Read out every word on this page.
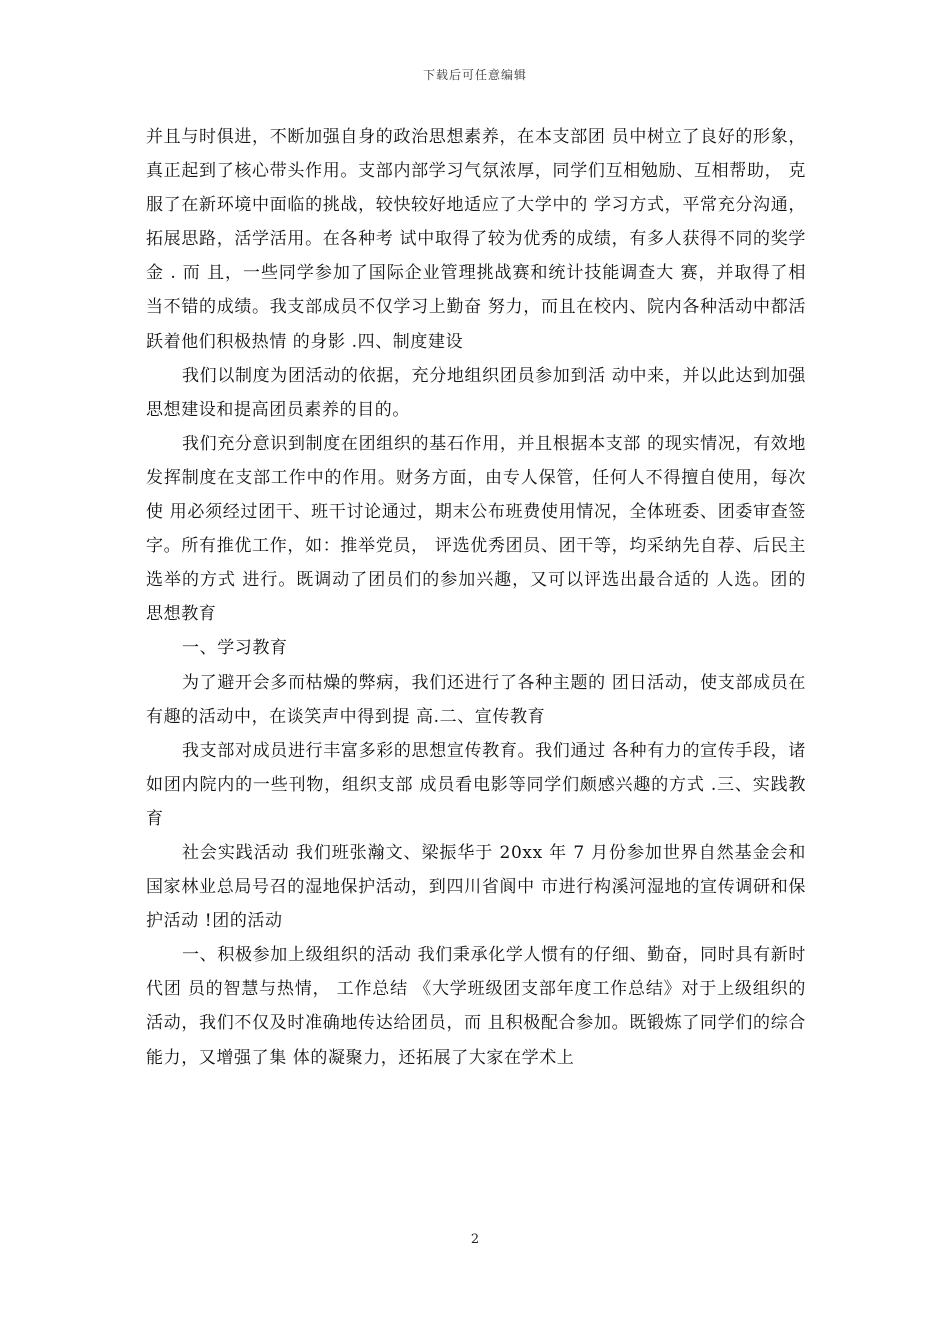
下载后可任意编辑

并且与时俱进，不断加强自身的政治思想素养，在本支部团 员中树立了良好的形象，真正起到了核心带头作用。支部内部学习气氛浓厚，同学们互相勉励、互相帮助， 克服了在新环境中面临的挑战，较快较好地适应了大学中的 学习方式，平常充分沟通，拓展思路，活学活用。在各种考 试中取得了较为优秀的成绩，有多人获得不同的奖学金 . 而 且，一些同学参加了国际企业管理挑战赛和统计技能调查大 赛，并取得了相当不错的成绩。我支部成员不仅学习上勤奋 努力，而且在校内、院内各种活动中都活跃着他们积极热情 的身影 .四、制度建设

我们以制度为团活动的依据，充分地组织团员参加到活 动中来，并以此达到加强思想建设和提高团员素养的目的。

我们充分意识到制度在团组织的基石作用，并且根据本支部 的现实情况，有效地发挥制度在支部工作中的作用。财务方面，由专人保管，任何人不得擅自使用，每次使 用必须经过团干、班干讨论通过，期末公布班费使用情况，全体班委、团委审查签字。所有推优工作，如：推举党员， 评选优秀团员、团干等，均采纳先自荐、后民主选举的方式 进行。既调动了团员们的参加兴趣，又可以评选出最合适的 人选。团的思想教育

一、学习教育

为了避开会多而枯燥的弊病，我们还进行了各种主题的 团日活动，使支部成员在有趣的活动中，在谈笑声中得到提 高.二、宣传教育

我支部对成员进行丰富多彩的思想宣传教育。我们通过 各种有力的宣传手段，诸如团内院内的一些刊物，组织支部 成员看电影等同学们颇感兴趣的方式 .三、实践教育

社会实践活动 我们班张瀚文、梁振华于 20xx 年 7 月份参加世界自然基金会和国家林业总局号召的湿地保护活动，到四川省阆中 市进行构溪河湿地的宣传调研和保护活动 !团的活动

一、积极参加上级组织的活动 我们秉承化学人惯有的仔细、勤奋，同时具有新时代团 员的智慧与热情， 工作总结 《大学班级团支部年度工作总结》对于上级组织的活动，我们不仅及时准确地传达给团员，而 且积极配合参加。既锻炼了同学们的综合能力，又增强了集 体的凝聚力，还拓展了大家在学术上

2
